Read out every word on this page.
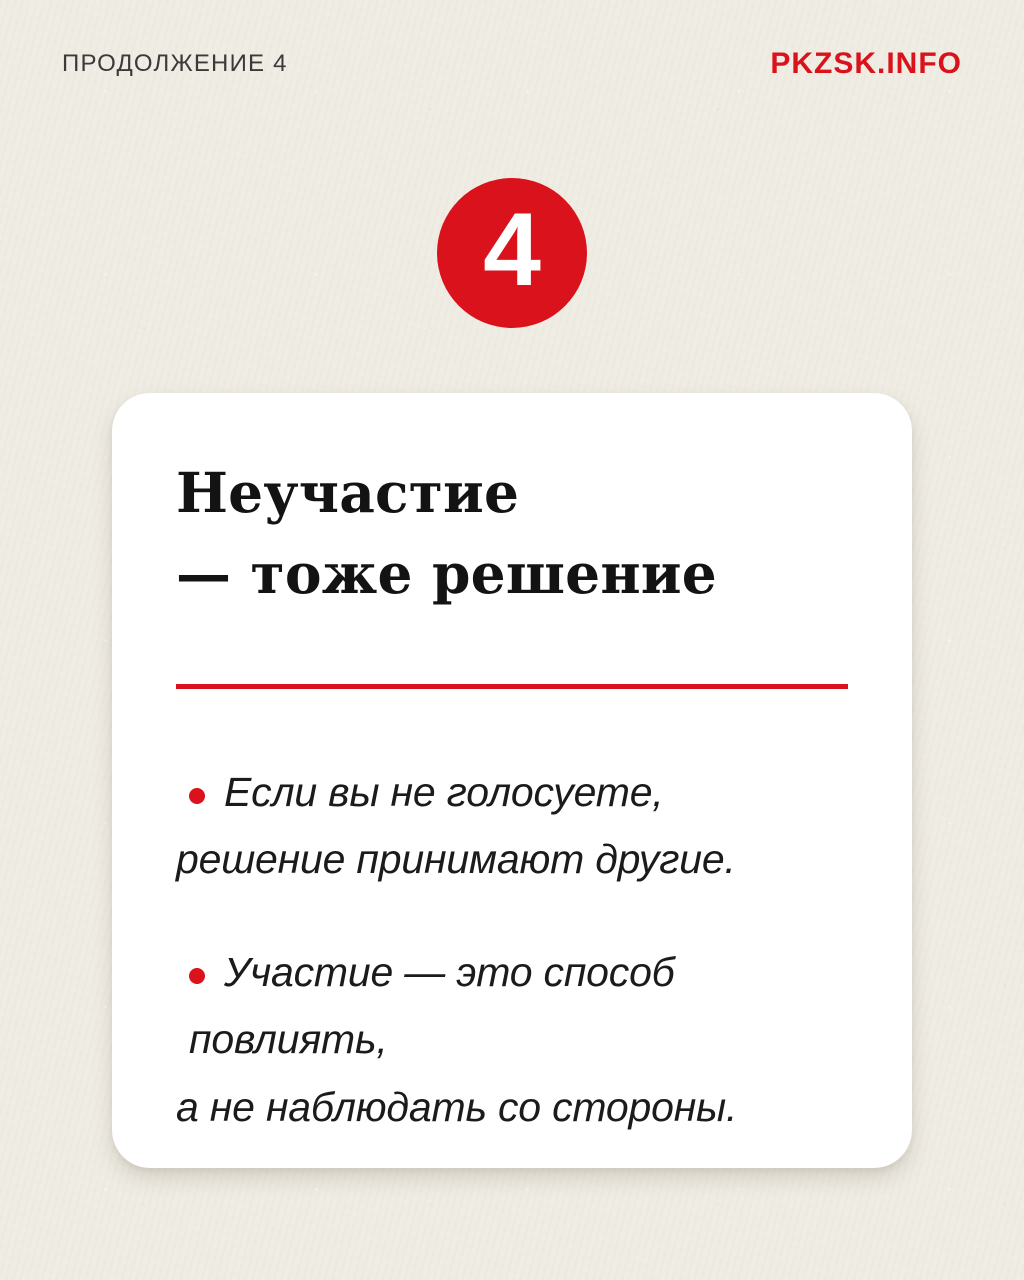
ПРОДОЛЖЕНИЕ 4	PKZSK.INFO
4
Неучастие
— тоже решение

Если вы не голосуете,
решение принимают другие.

Участие — это способ повлиять,
а не наблюдать со стороны.
